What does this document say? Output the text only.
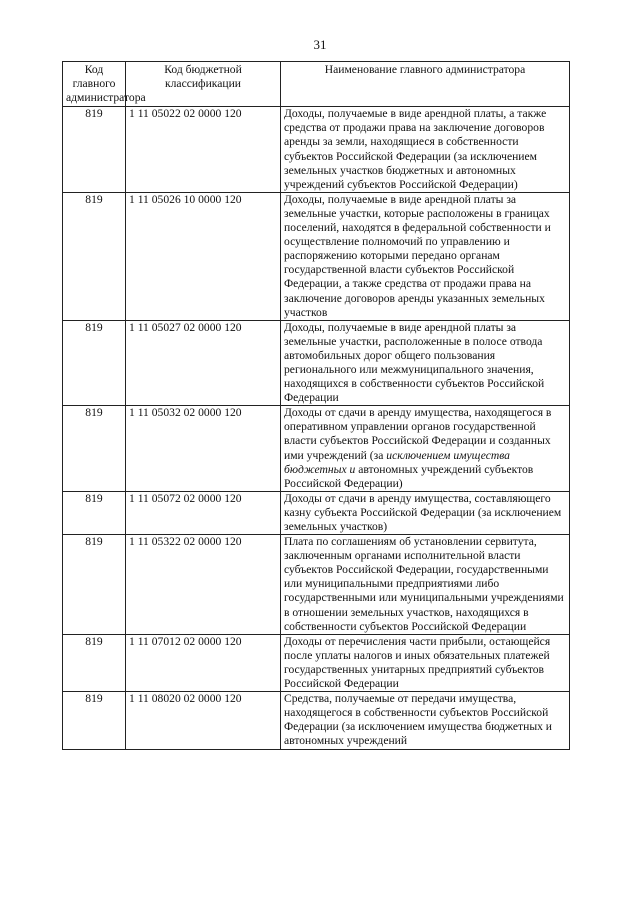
31
Код главного администратора	Код бюджетной классификации	Наименование главного администратора
819	1 11 05022 02 0000 120	Доходы, получаемые в виде арендной платы, а также средства от продажи права на заключение договоров аренды за земли, находящиеся в собственности субъектов Российской Федерации (за исключением земельных участков бюджетных и автономных учреждений субъектов Российской Федерации)
819	1 11 05026 10 0000 120	Доходы, получаемые в виде арендной платы за земельные участки, которые расположены в границах поселений, находятся в федеральной собственности и осуществление полномочий по управлению и распоряжению которыми передано органам государственной власти субъектов Российской Федерации, а также средства от продажи права на заключение договоров аренды указанных земельных участков
819	1 11 05027 02 0000 120	Доходы, получаемые в виде арендной платы за земельные участки, расположенные в полосе отвода автомобильных дорог общего пользования регионального или межмуниципального значения, находящихся в собственности субъектов Российской Федерации
819	1 11 05032 02 0000 120	Доходы от сдачи в аренду имущества, находящегося в оперативном управлении органов государственной власти субъектов Российской Федерации и созданных ими учреждений (за исключением имущества бюджетных и автономных учреждений субъектов Российской Федерации)
819	1 11 05072 02 0000 120	Доходы от сдачи в аренду имущества, составляющего казну субъекта Российской Федерации (за исключением земельных участков)
819	1 11 05322 02 0000 120	Плата по соглашениям об установлении сервитута, заключенным органами исполнительной власти субъектов Российской Федерации, государственными или муниципальными предприятиями либо государственными или муниципальными учреждениями в отношении земельных участков, находящихся в собственности субъектов Российской Федерации
819	1 11 07012 02 0000 120	Доходы от перечисления части прибыли, остающейся после уплаты налогов и иных обязательных платежей государственных унитарных предприятий субъектов Российской Федерации
819	1 11 08020 02 0000 120	Средства, получаемые от передачи имущества, находящегося в собственности субъектов Российской Федерации (за исключением имущества бюджетных и автономных учреждений
